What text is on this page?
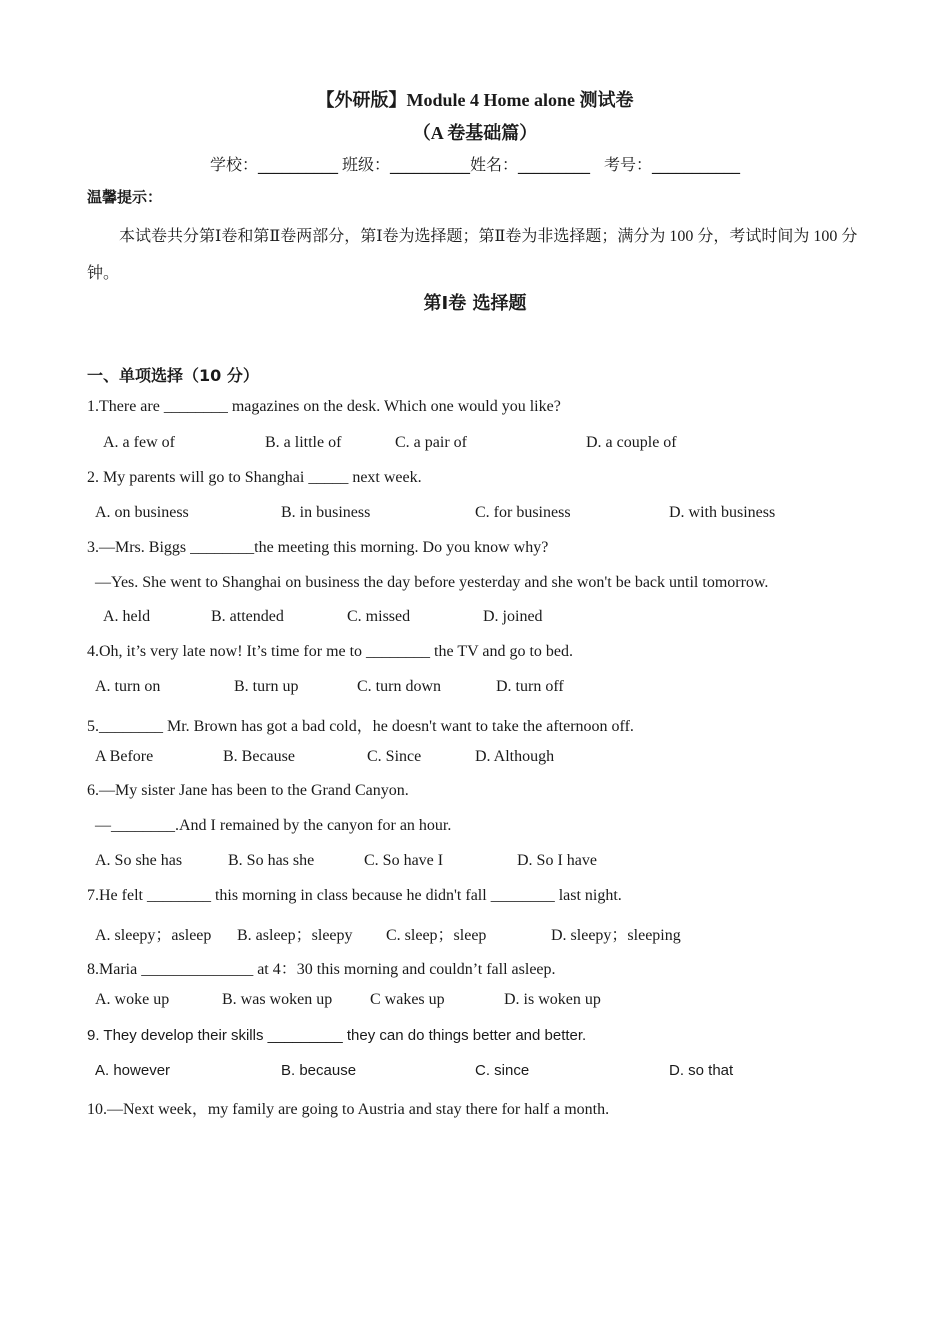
【外研版】Module 4 Home alone 测试卷
（A 卷基础篇）
学校：__________ 班级：__________姓名：_________ 考号：___________
温馨提示：
本试卷共分第Ⅰ卷和第Ⅱ卷两部分，第Ⅰ卷为选择题；第Ⅱ卷为非选择题；满分为 100 分，考试时间为 100 分钟。
第Ⅰ卷 选择题
一、单项选择（10 分）
1.There are ________ magazines on the desk. Which one would you like?
A. a few of	B. a little of	C. a pair of	D. a couple of
2. My parents will go to Shanghai _____ next week.
A. on business	B. in business	C. for business	D. with business
3.—Mrs. Biggs ________the meeting this morning. Do you know why?
—Yes. She went to Shanghai on business the day before yesterday and she won't be back until tomorrow.
A. held	B. attended	C. missed	D. joined
4.Oh, it’s very late now! It’s time for me to ________ the TV and go to bed.
A. turn on	B. turn up	C. turn down	D. turn off
5.________ Mr. Brown has got a bad cold，he doesn't want to take the afternoon off.
A Before	B. Because	C. Since	D. Although
6.—My sister Jane has been to the Grand Canyon.
—________.And I remained by the canyon for an hour.
A. So she has	B. So has she	C. So have I	D. So I have
7.He felt ________ this morning in class because he didn't fall ________ last night.
A. sleepy；asleep B. asleep；sleepy C. sleep；sleep	D. sleepy；sleeping
8.Maria ______________ at 4：30 this morning and couldn’t fall asleep.
A. woke up	B. was woken up C wakes up	D. is woken up
9. They develop their skills _________ they can do things better and better.
A. however	B. because	C. since	D. so that
10.—Next week，my family are going to Austria and stay there for half a month.
